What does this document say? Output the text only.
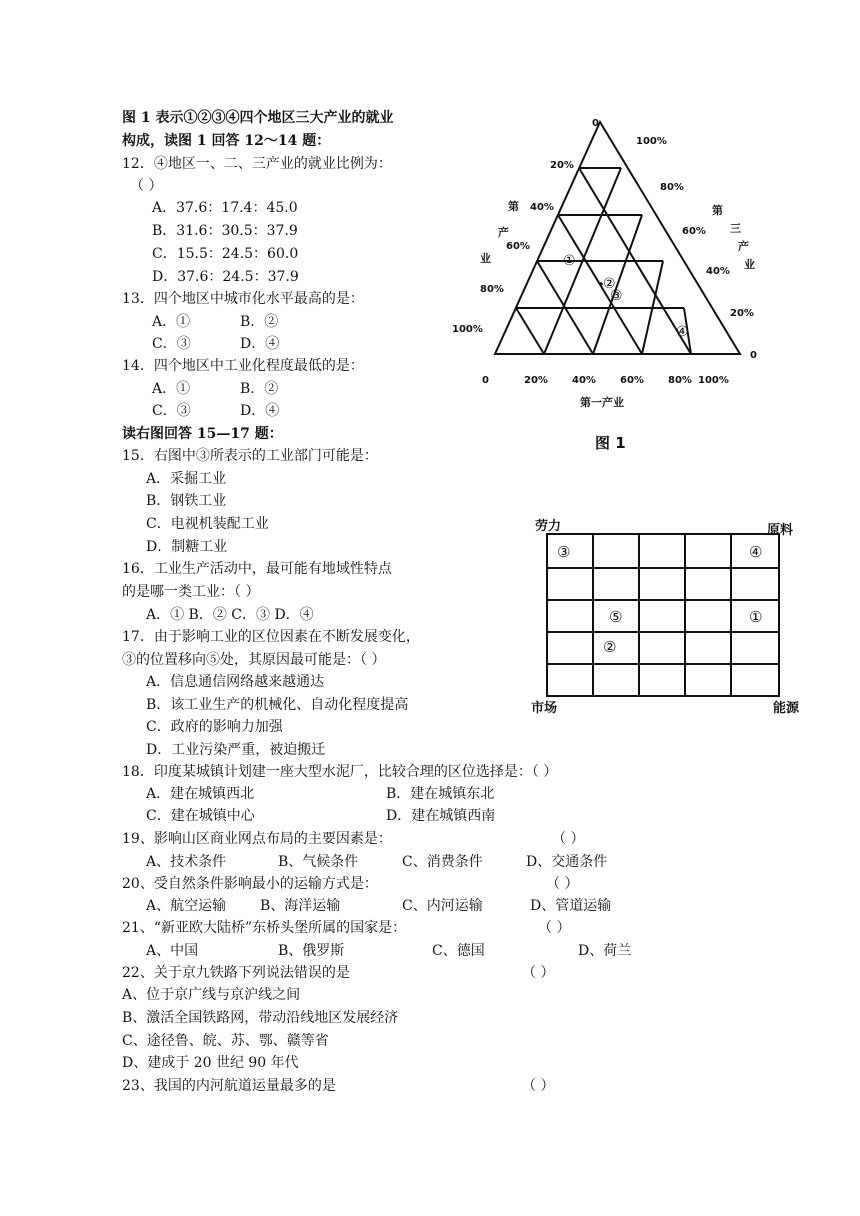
图 1 表示①②③④四个地区三大产业的就业
构成，读图 1 回答 12～14 题：
12．④地区一、二、三产业的就业比例为：
（ ）
A．37.6：17.4：45.0
B．31.6：30.5：37.9
C．15.5：24.5：60.0
D．37.6：24.5：37.9
13．四个地区中城市化水平最高的是：
A．①	B．②
C．③	D．④
14．四个地区中工业化程度最低的是：
A．①	B．②
C．③	D．④
读右图回答 15—17 题：
15．右图中③所表示的工业部门可能是：
A．采掘工业
B．钢铁工业
C．电视机装配工业
D．制糖工业
16．工业生产活动中，最可能有地域性特点
的是哪一类工业：（ ）
A．① B．② C．③ D．④
17．由于影响工业的区位因素在不断发展变化，
③的位置移向⑤处，其原因最可能是：（ ）
A．信息通信网络越来越通达
B．该工业生产的机械化、自动化程度提高
C．政府的影响力加强
D．工业污染严重，被迫搬迁
18．印度某城镇计划建一座大型水泥厂，比较合理的区位选择是：（ ）
A．建在城镇西北	B．建在城镇东北
C．建在城镇中心	D．建在城镇西南
19、影响山区商业网点布局的主要因素是：	（ ）
A、技术条件	B、气候条件	C、消费条件	D、交通条件
20、受自然条件影响最小的运输方式是：	（ ）
A、航空运输 B、海洋运输	C、内河运输	D、管道运输
21、“新亚欧大陆桥”东桥头堡所属的国家是：	（ ）
A、中国	B、俄罗斯	C、德国	D、荷兰
22、关于京九铁路下列说法错误的是	（ ）
A、位于京广线与京沪线之间
B、激活全国铁路网，带动沿线地区发展经济
C、途径鲁、皖、苏、鄂、赣等省
D、建成于 20 世纪 90 年代
23、我国的内河航道运量最多的是	（ ）
0	20% 40% 60% 80% 100%
0
20%
40%
60%
80%
100%
100%
80%
60%
40%
20%
0
第一产业
第
产
业
第
三
产
业
①
②
③
④
图 1
劳力	原料
市场	能源
③	④
⑤	①
②
